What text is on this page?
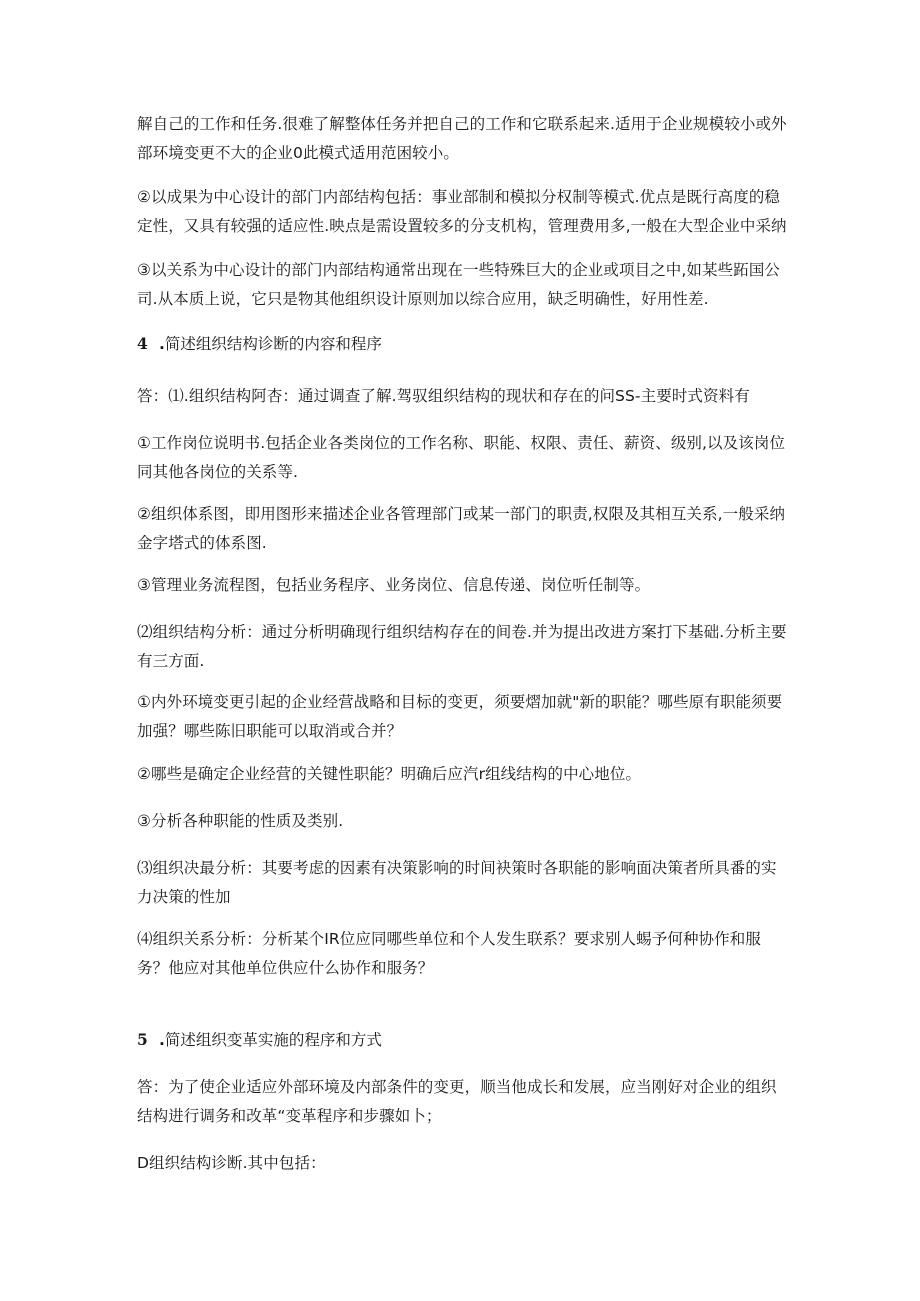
解自己的工作和任务.很难了解整体任务并把自己的工作和它联系起来.适用于企业规模较小或外部环境变更不大的企业0此模式适用范困较小。

②以成果为中心设计的部门内部结构包括：事业部制和模拟分权制等模式.优点是既行高度的稳定性，又具有较强的适应性.映点是需设置较多的分支机构，管理费用多,一般在大型企业中采纳

③以关系为中心设计的部门内部结构通常出现在一些特殊巨大的企业或项目之中,如某些跖国公司.从本质上说，它只是物其他组织设计原则加以综合应用，缺乏明确性，好用性差.

4 .简述组织结构诊断的内容和程序

答：⑴.组织结构阿杏：通过调查了解.驾驭组织结构的现状和存在的问SS-主要时式资料有

①工作岗位说明书.包括企业各类岗位的工作名称、职能、权限、责任、薪资、级别,以及该岗位同其他各岗位的关系等.

②组织体系图，即用图形来描述企业各管理部门或某一部门的职责,权限及其相互关系,一般采纳金字塔式的体系图.

③管理业务流程图，包括业务程序、业务岗位、信息传递、岗位听任制等。

⑵组织结构分析：通过分析明确现行组织结构存在的间卷.并为提出改进方案打下基础.分析主要有三方面.

①内外环境变更引起的企业经营战略和目标的变更，须要熠加就"新的职能？哪些原有职能须要加强？哪些陈旧职能可以取消或合并？

②哪些是确定企业经营的关键性职能？明确后应汽r组线结构的中心地位。

③分析各种职能的性质及类别.

⑶组织决最分析：其要考虑的因素有决策影响的时间袂策时各职能的影响面决策者所具番的实力决策的性加

⑷组织关系分析：分析某个IR位应同哪些单位和个人发生联系？要求别人蜴予何种协作和服务？他应对其他单位供应什么协作和服务？

5 .简述组织变革实施的程序和方式

答：为了使企业适应外部环境及内部条件的变更，顺当他成长和发展，应当刚好对企业的组织结构进行调务和改革“变革程序和步骤如卜；

D组织结构诊断.其中包括：
